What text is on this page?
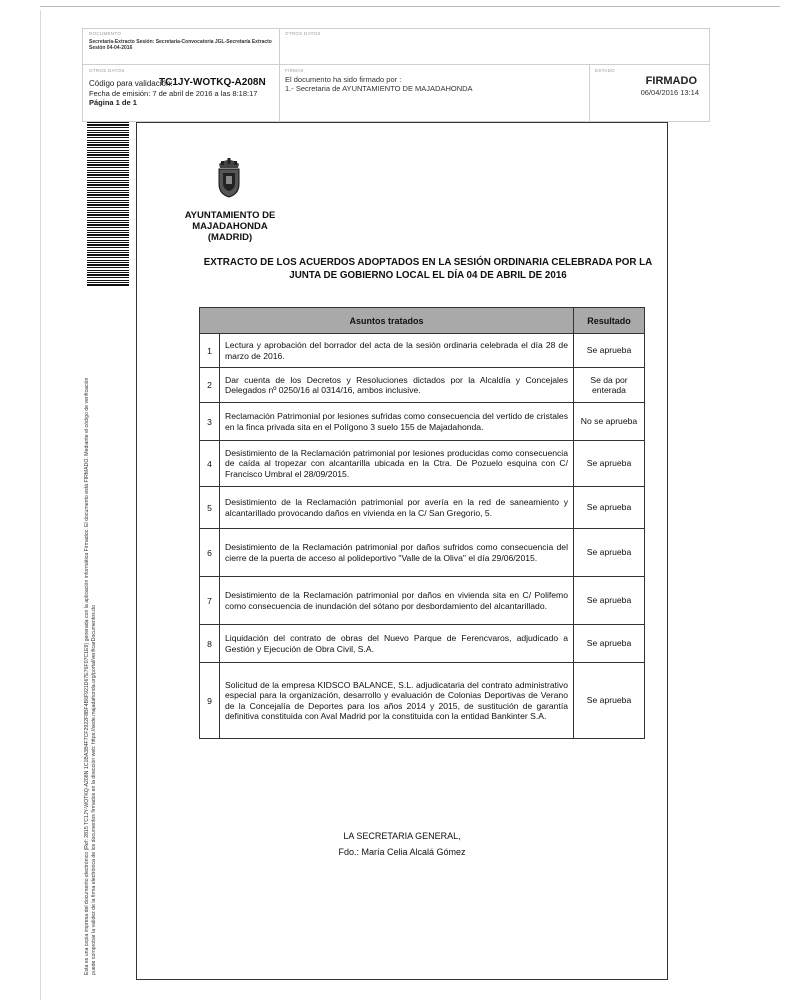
DOCUMENTO
Secretaría-Extracto Sesión: Secretaria-Convocatoria JGL-Secretaría Extracto Sesión 04-04-2016
OTROS DATOS
OTROS DATOS
Código para validación:
TC1JY-WOTKQ-A208N
Fecha de emisión: 7 de abril de 2016 a las 8:18:17
Página 1 de 1
FIRMAS
El documento ha sido firmado por :
1.- Secretaria de AYUNTAMIENTO DE MAJADAHONDA
ESTADO
FIRMADO
06/04/2016 13:14
Esta es una copia impresa del documento electrónico (Ref: 2815 TC1JY-WOTKQ-A208N 1C1BA3B4F7CF2922F8BF4B6F921D67E76F07C1E9) generada con la aplicación informática Firmadoc. El documento está FIRMADO. Mediante el código de verificación puede comprobar la validez de la firma electrónica de los documentos firmados en la dirección web: https://sede.majadahonda.org/portal/verificarDocumentos.do
AYUNTAMIENTO DE
MAJADAHONDA
(MADRID)
EXTRACTO DE LOS ACUERDOS ADOPTADOS EN LA SESIÓN ORDINARIA CELEBRADA POR LA
JUNTA DE GOBIERNO LOCAL EL DÍA 04 DE ABRIL DE 2016
Asuntos tratados		Resultado
1	Lectura y aprobación del borrador del acta de la sesión ordinaria celebrada el día 28 de marzo de 2016.	Se aprueba
2	Dar cuenta de los Decretos y Resoluciones dictados por la Alcaldía y Concejales Delegados nº 0250/16 al 0314/16, ambos inclusive.	Se da por enterada
3	Reclamación Patrimonial por lesiones sufridas como consecuencia del vertido de cristales en la finca privada sita en el Polígono 3 suelo 155 de Majadahonda.	No se aprueba
4	Desistimiento de la Reclamación patrimonial por lesiones producidas como consecuencia de caída al tropezar con alcantarilla ubicada en la Ctra. De Pozuelo esquina con C/ Francisco Umbral el 28/09/2015.	Se aprueba
5	Desistimiento de la Reclamación patrimonial por avería en la red de saneamiento y alcantarillado provocando daños en vivienda en la C/ San Gregorio, 5.	Se aprueba
6	Desistimiento de la Reclamación patrimonial por daños sufridos como consecuencia del cierre de la puerta de acceso al polideportivo "Valle de la Oliva" el día 29/06/2015.	Se aprueba
7	Desistimiento de la Reclamación patrimonial por daños en vivienda sita en C/ Polifemo como consecuencia de inundación del sótano por desbordamiento del alcantarillado.	Se aprueba
8	Liquidación del contrato de obras del Nuevo Parque de Ferencvaros, adjudicado a Gestión y Ejecución de Obra Civil, S.A.	Se aprueba
9	Solicitud de la empresa KIDSCO BALANCE, S.L. adjudicataria del contrato administrativo especial para la organización, desarrollo y evaluación de Colonias Deportivas de Verano de la Concejalía de Deportes para los años 2014 y 2015, de sustitución de garantía definitiva constituida con Aval Madrid por la constituida con la entidad Bankinter S.A.	Se aprueba
LA SECRETARIA GENERAL,
Fdo.: María Celia Alcalá Gómez
